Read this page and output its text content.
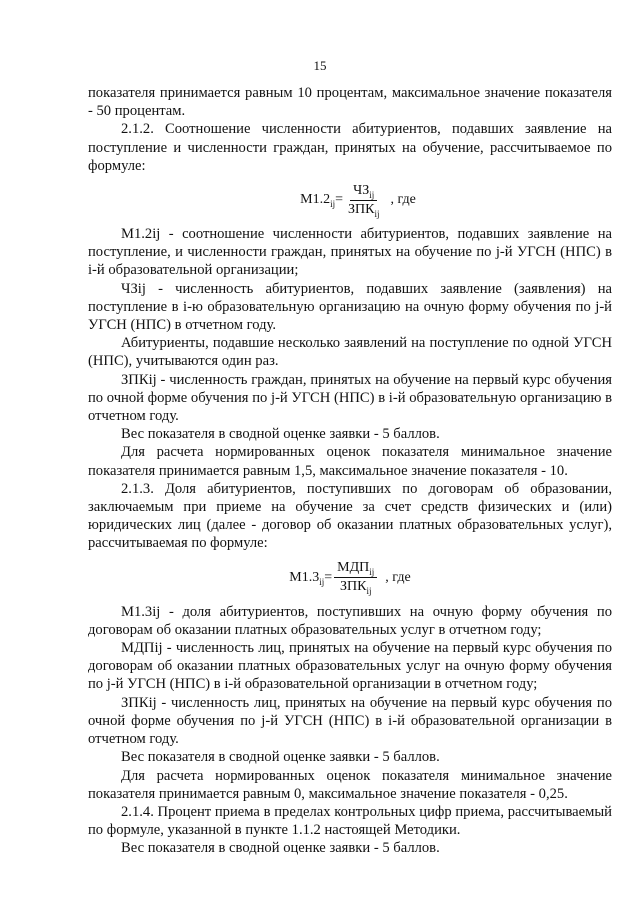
15

показателя принимается равным 10 процентам, максимальное значение показателя - 50 процентам.

2.1.2. Соотношение численности абитуриентов, подавших заявление на поступление и численности граждан, принятых на обучение, рассчитываемое по формуле:

$М1.2_{ij} = \frac{ЧЗ_{ij}}{ЗПК_{ij}}$ , где

М1.2ij - соотношение численности абитуриентов, подавших заявление на поступление, и численности граждан, принятых на обучение по j-й УГСН (НПС) в i-й образовательной организации;

ЧЗij - численность абитуриентов, подавших заявление (заявления) на поступление в i-ю образовательную организацию на очную форму обучения по j-й УГСН (НПС) в отчетном году.

Абитуриенты, подавшие несколько заявлений на поступление по одной УГСН (НПС), учитываются один раз.

ЗПКij - численность граждан, принятых на обучение на первый курс обучения по очной форме обучения по j-й УГСН (НПС) в i-й образовательную организацию в отчетном году.

Вес показателя в сводной оценке заявки - 5 баллов.

Для расчета нормированных оценок показателя минимальное значение показателя принимается равным 1,5, максимальное значение показателя - 10.

2.1.3. Доля абитуриентов, поступивших по договорам об образовании, заключаемым при приеме на обучение за счет средств физических и (или) юридических лиц (далее - договор об оказании платных образовательных услуг), рассчитываемая по формуле:

$М1.3_{ij} = \frac{МДП_{ij}}{ЗПК_{ij}}$ , где

М1.3ij - доля абитуриентов, поступивших на очную форму обучения по договорам об оказании платных образовательных услуг в отчетном году;

МДПij - численность лиц, принятых на обучение на первый курс обучения по договорам об оказании платных образовательных услуг на очную форму обучения по j-й УГСН (НПС) в i-й образовательной организации в отчетном году;

ЗПКij - численность лиц, принятых на обучение на первый курс обучения по очной форме обучения по j-й УГСН (НПС) в i-й образовательной организации в отчетном году.

Вес показателя в сводной оценке заявки - 5 баллов.

Для расчета нормированных оценок показателя минимальное значение показателя принимается равным 0, максимальное значение показателя - 0,25.

2.1.4. Процент приема в пределах контрольных цифр приема, рассчитываемый по формуле, указанной в пункте 1.1.2 настоящей Методики.

Вес показателя в сводной оценке заявки - 5 баллов.
